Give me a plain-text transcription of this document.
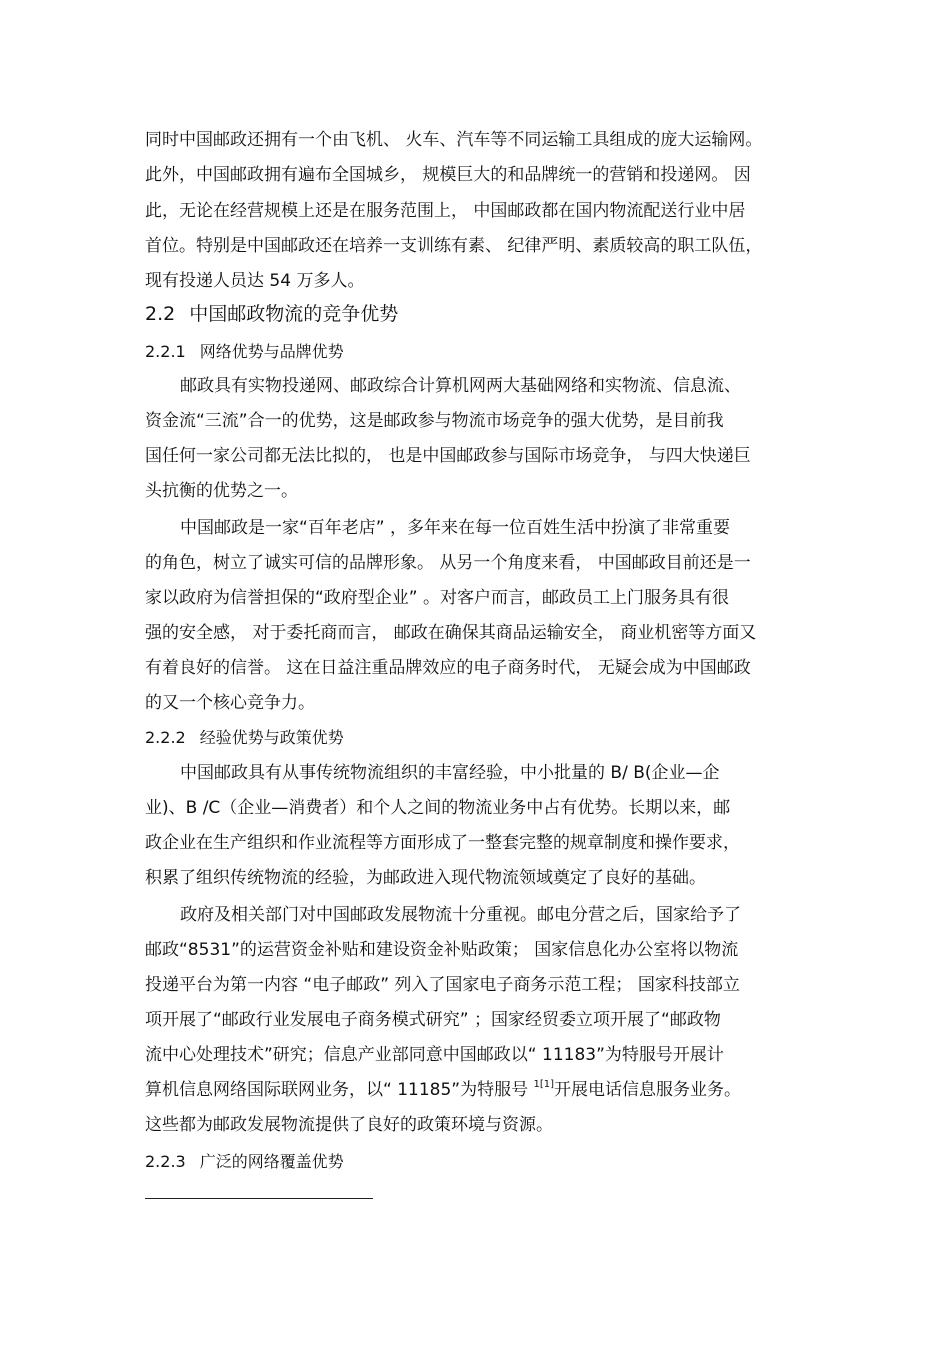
同时中国邮政还拥有一个由飞机、 火车、汽车等不同运输工具组成的庞大运输网。

此外，中国邮政拥有遍布全国城乡， 规模巨大的和品牌统一的营销和投递网。 因

此，无论在经营规模上还是在服务范围上， 中国邮政都在国内物流配送行业中居

首位。特别是中国邮政还在培养一支训练有素、 纪律严明、素质较高的职工队伍，

现有投递人员达 54 万多人。

2.2 中国邮政物流的竞争优势
2.2.1 网络优势与品牌优势

邮政具有实物投递网、邮政综合计算机网两大基础网络和实物流、信息流、

资金流“三流”合一的优势，这是邮政参与物流市场竞争的强大优势，是目前我

国任何一家公司都无法比拟的， 也是中国邮政参与国际市场竞争， 与四大快递巨

头抗衡的优势之一。

中国邮政是一家“百年老店” ，多年来在每一位百姓生活中扮演了非常重要

的角色，树立了诚实可信的品牌形象。 从另一个角度来看， 中国邮政目前还是一

家以政府为信誉担保的“政府型企业” 。对客户而言，邮政员工上门服务具有很

强的安全感， 对于委托商而言， 邮政在确保其商品运输安全， 商业机密等方面又

有着良好的信誉。 这在日益注重品牌效应的电子商务时代， 无疑会成为中国邮政

的又一个核心竞争力。

2.2.2 经验优势与政策优势

中国邮政具有从事传统物流组织的丰富经验，中小批量的 B/ B(企业—企

业)、B /C（企业—消费者）和个人之间的物流业务中占有优势。长期以来，邮

政企业在生产组织和作业流程等方面形成了一整套完整的规章制度和操作要求，

积累了组织传统物流的经验，为邮政进入现代物流领域奠定了良好的基础。

政府及相关部门对中国邮政发展物流十分重视。邮电分营之后，国家给予了

邮政“8531”的运营资金补贴和建设资金补贴政策； 国家信息化办公室将以物流

投递平台为第一内容 “电子邮政” 列入了国家电子商务示范工程； 国家科技部立

项开展了“邮政行业发展电子商务模式研究” ；国家经贸委立项开展了“邮政物

流中心处理技术”研究；信息产业部同意中国邮政以“ 11183”为特服号开展计

算机信息网络国际联网业务，以“ 11185”为特服号 $^{1[1]}$开展电话信息服务业务。

这些都为邮政发展物流提供了良好的政策环境与资源。

2.2.3 广泛的网络覆盖优势
